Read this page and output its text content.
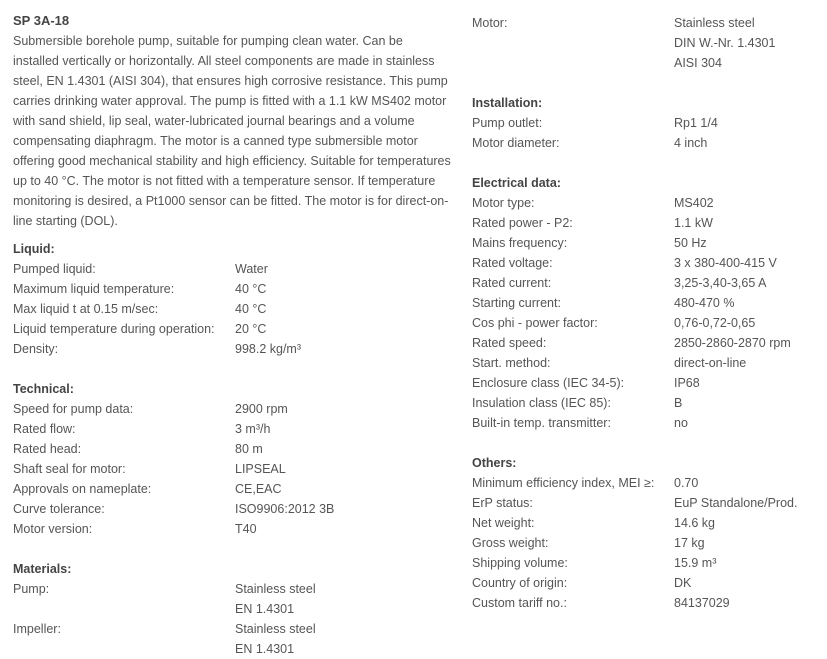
SP 3A-18
Submersible borehole pump, suitable for pumping clean water. Can be installed vertically or horizontally. All steel components are made in stainless steel, EN 1.4301 (AISI 304), that ensures high corrosive resistance. This pump carries drinking water approval. The pump is fitted with a 1.1 kW MS402 motor with sand shield, lip seal, water-lubricated journal bearings and a volume compensating diaphragm. The motor is a canned type submersible motor offering good mechanical stability and high efficiency. Suitable for temperatures up to 40 °C. The motor is not fitted with a temperature sensor. If temperature monitoring is desired, a Pt1000 sensor can be fitted. The motor is for direct-on-line starting (DOL).
Liquid:
Pumped liquid:	Water
Maximum liquid temperature:	40 °C
Max liquid t at 0.15 m/sec:	40 °C
Liquid temperature during operation:	20 °C
Density:	998.2 kg/m³
Technical:
Speed for pump data:	2900 rpm
Rated flow:	3 m³/h
Rated head:	80 m
Shaft seal for motor:	LIPSEAL
Approvals on nameplate:	CE,EAC
Curve tolerance:	ISO9906:2012 3B
Motor version:	T40
Materials:
Pump:	Stainless steel
EN 1.4301
Impeller:	Stainless steel
EN 1.4301
Motor:	Stainless steel
DIN W.-Nr. 1.4301
AISI 304
Installation:
Pump outlet:	Rp1 1/4
Motor diameter:	4 inch
Electrical data:
Motor type:	MS402
Rated power - P2:	1.1 kW
Mains frequency:	50 Hz
Rated voltage:	3 x 380-400-415 V
Rated current:	3,25-3,40-3,65 A
Starting current:	480-470 %
Cos phi - power factor:	0,76-0,72-0,65
Rated speed:	2850-2860-2870 rpm
Start. method:	direct-on-line
Enclosure class (IEC 34-5):	IP68
Insulation class (IEC 85):	B
Built-in temp. transmitter:	no
Others:
Minimum efficiency index, MEI ≥:	0.70
ErP status:	EuP Standalone/Prod.
Net weight:	14.6 kg
Gross weight:	17 kg
Shipping volume:	15.9 m³
Country of origin:	DK
Custom tariff no.:	84137029
